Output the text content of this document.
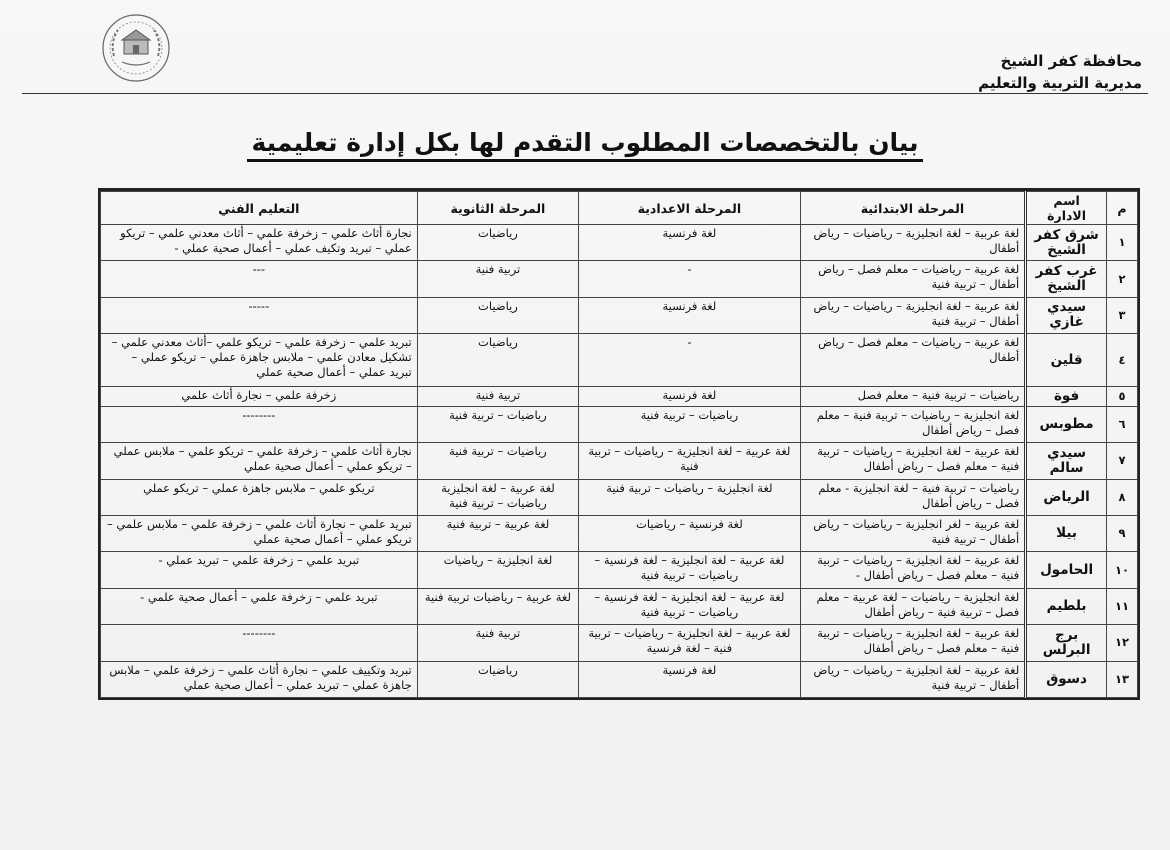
محافظة كفر الشيخ
مديرية التربية والتعليم
بيان بالتخصصات المطلوب التقدم لها بكل إدارة تعليمية
م	اسم الادارة	المرحلة الابتدائية	المرحلة الاعدادية	المرحلة الثانوية	التعليم الفني
١	شرق كفر الشيخ	لغة عربية – لغة انجليزية – رياضيات – رياض أطفال	لغة فرنسية	رياضيات	نجارة أثاث علمي – زخرفة علمي – أثاث معدني علمي – تريكو عملي – تبريد وتكيف عملي – أعمال صحية عملي -
٢	غرب كفر الشيخ	لغة عربية – رياضيات – معلم فصل – رياض أطفال – تربية فنية	-	تربية فنية	---
٣	سيدي غازي	لغة عربية – لغة انجليزية – رياضيات – رياض أطفال – تربية فنية	لغة فرنسية	رياضيات	-----
٤	قلين	لغة عربية – رياضيات – معلم فصل – رياض أطفال	-	رياضيات	تبريد علمي – زخرفة علمي – تريكو علمي –أثاث معدني علمي – تشكيل معادن علمي – ملابس جاهزة عملي – تريكو عملي – تبريد عملي – أعمال صحية عملي
٥	فوة	رياضيات – تربية فنية – معلم فصل	لغة فرنسية	تربية فنية	زخرفة علمي – نجارة أثاث علمي
٦	مطوبس	لغة انجليزية – رياضيات – تربية فنية – معلم فصل – رياض أطفال	رياضيات – تربية فنية	رياضيات – تربية فنية	--------
٧	سيدي سالم	لغة عربية – لغة انجليزية – رياضيات – تربية فنية – معلم فصل – رياض أطفال	لغة عربية – لغة انجليزية – رياضيات – تربية فنية	رياضيات – تربية فنية	نجارة أثاث علمي – زخرفة علمي – تريكو علمي – ملابس عملي – تريكو عملي – أعمال صحية عملي
٨	الرياض	رياضيات – تربية فنية – لغة انجليزية - معلم فصل – رياض أطفال	لغة انجليزية – رياضيات – تربية فنية	لغة عربية – لغة انجليزية رياضيات – تربية فنية	تريكو علمي – ملابس جاهزة عملي – تريكو عملي
٩	بيلا	لغة عربية – لغر انجليزية – رياضيات – رياض أطفال – تربية فنية	لغة فرنسية – رياضيات	لغة عربية – تربية فنية	تبريد علمي – نجارة أثاث علمي – زخرفة علمي – ملابس علمي – تريكو عملي – أعمال صحية عملي
١٠	الحامول	لغة عربية – لغة انجليزية – رياضيات – تربية فنية – معلم فصل – رياض أطفال -	لغة عربية – لغة انجليزية – لغة فرنسية – رياضيات – تربية فنية	لغة انجليزية – رياضيات	تبريد علمي – زخرفة علمي – تبريد عملي -
١١	بلطيم	لغة انجليزية – رياضيات – لغة عربية – معلم فصل – تربية فنية – رياض أطفال	لغة عربية – لغة انجليزية – لغة فرنسية – رياضيات – تربية فنية	لغة عربية – رياضيات تربية فنية	تبريد علمي – زخرفة علمي – أعمال صحية علمي -
١٢	برج البرلس	لغة عربية – لغة انجليزية – رياضيات – تربية فنية – معلم فصل – رياض أطفال	لغة عربية – لغة انجليزية – رياضيات – تربية فنية – لغة فرنسية	تربية فنية	--------
١٣	دسوق	لغة عربية – لغة انجليزية – رياضيات – رياض أطفال – تربية فنية	لغة فرنسية	رياضيات	تبريد وتكييف علمي – نجارة أثاث علمي – زخرفة علمي – ملابس جاهزة عملي – تبريد عملي – أعمال صحية عملي
